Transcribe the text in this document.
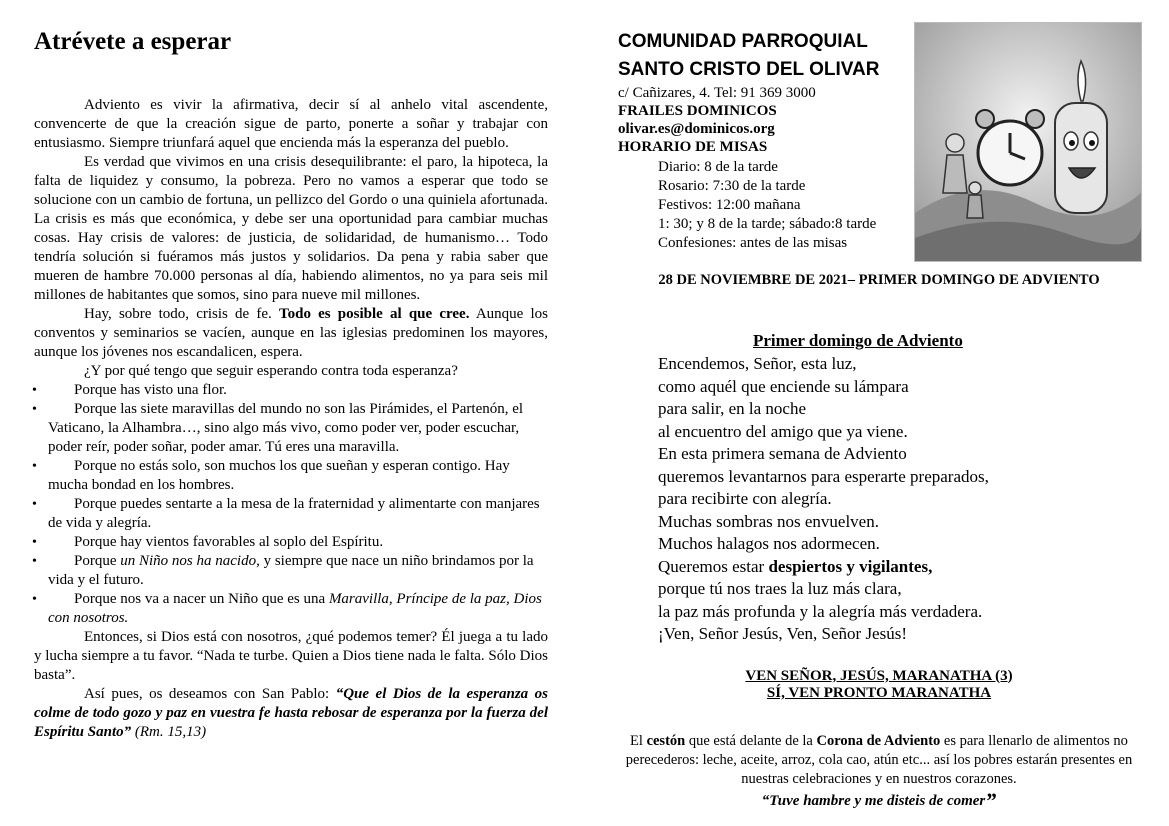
Atrévete a esperar

Adviento es vivir la afirmativa, decir sí al anhelo vital ascendente, convencerte de que la creación sigue de parto, ponerte a soñar y trabajar con entusiasmo. Siempre triunfará aquel que encienda más la esperanza del pueblo.

Es verdad que vivimos en una crisis desequilibrante: el paro, la hipoteca, la falta de liquidez y consumo, la pobreza. Pero no vamos a esperar que todo se solucione con un cambio de fortuna, un pellizco del Gordo o una quiniela afortunada. La crisis es más que económica, y debe ser una oportunidad para cambiar muchas cosas. Hay crisis de valores: de justicia, de solidaridad, de humanismo… Todo tendría solución si fuéramos más justos y solidarios. Da pena y rabia saber que mueren de hambre 70.000 personas al día, habiendo alimentos, no ya para seis mil millones de habitantes que somos, sino para nueve mil millones.

Hay, sobre todo, crisis de fe. Todo es posible al que cree. Aunque los conventos y seminarios se vacíen, aunque en las iglesias predominen los mayores, aunque los jóvenes nos escandalicen, espera.

¿Y por qué tengo que seguir esperando contra toda esperanza?

• Porque has visto una flor.
• Porque las siete maravillas del mundo no son las Pirámides, el Partenón, el Vaticano, la Alhambra…, sino algo más vivo, como poder ver, poder escuchar, poder reír, poder soñar, poder amar. Tú eres una maravilla.
• Porque no estás solo, son muchos los que sueñan y esperan contigo. Hay mucha bondad en los hombres.
• Porque puedes sentarte a la mesa de la fraternidad y alimentarte con manjares de vida y alegría.
• Porque hay vientos favorables al soplo del Espíritu.
• Porque un Niño nos ha nacido, y siempre que nace un niño brindamos por la vida y el futuro.
• Porque nos va a nacer un Niño que es una Maravilla, Príncipe de la paz, Dios con nosotros.

Entonces, si Dios está con nosotros, ¿qué podemos temer? Él juega a tu lado y lucha siempre a tu favor. “Nada te turbe. Quien a Dios tiene nada le falta. Sólo Dios basta”.

Así pues, os deseamos con San Pablo: “Que el Dios de la esperanza os colme de todo gozo y paz en vuestra fe hasta rebosar de esperanza por la fuerza del Espíritu Santo” (Rm. 15,13)

COMUNIDAD PARROQUIAL

SANTO CRISTO DEL OLIVAR

c/ Cañizares, 4. Tel: 91 369 3000

FRAILES DOMINICOS

olivar.es@dominicos.org

HORARIO DE MISAS

Diario: 8 de la tarde
Rosario: 7:30 de la tarde
Festivos: 12:00 mañana
1: 30; y 8 de la tarde; sábado:8 tarde
Confesiones: antes de las misas

28 DE NOVIEMBRE DE 2021– PRIMER DOMINGO DE ADVIENTO

Primer domingo de Adviento

Encendemos, Señor, esta luz,

como aquél que enciende su lámpara

para salir, en la noche

al encuentro del amigo que ya viene.

En esta primera semana de Adviento

queremos levantarnos para esperarte preparados,

para recibirte con alegría.

Muchas sombras nos envuelven.

Muchos halagos nos adormecen.

Queremos estar despiertos y vigilantes,

porque tú nos traes la luz más clara,

la paz más profunda y la alegría más verdadera.

¡Ven, Señor Jesús, Ven, Señor Jesús!

VEN SEÑOR, JESÚS, MARANATHA (3)
SÍ, VEN PRONTO MARANATHA
El cestón que está delante de la Corona de Adviento es para llenarlo de alimentos no perecederos: leche, aceite, arroz, cola cao, atún etc... así los pobres estarán presentes en nuestras celebraciones y en nuestros corazones.
“Tuve hambre y me disteis de comer”
